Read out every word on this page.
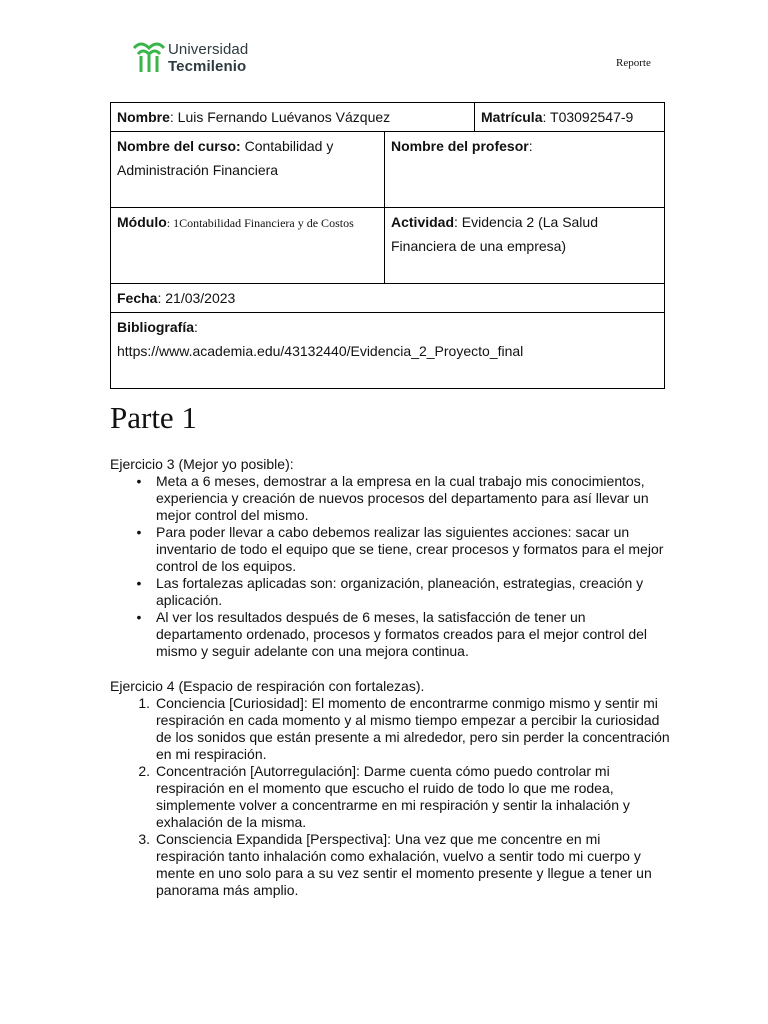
Universidad
Tecmilenio	Reporte
Nombre: Luis Fernando Luévanos Vázquez		Matrícula: T03092547-9
Nombre del curso: Contabilidad y Administración Financiera	Nombre del profesor:	
Módulo: 1Contabilidad Financiera y de Costos	Actividad: Evidencia 2 (La Salud Financiera de una empresa)	
Fecha: 21/03/2023		
Bibliografía:
https://www.academia.edu/43132440/Evidencia_2_Proyecto_final		
Parte 1

Ejercicio 3 (Mejor yo posible):

•	Meta a 6 meses, demostrar a la empresa en la cual trabajo mis conocimientos, experiencia y creación de nuevos procesos del departamento para así llevar un mejor control del mismo.
•	Para poder llevar a cabo debemos realizar las siguientes acciones: sacar un inventario de todo el equipo que se tiene, crear procesos y formatos para el mejor control de los equipos.
•	Las fortalezas aplicadas son: organización, planeación, estrategias, creación y aplicación.
•	Al ver los resultados después de 6 meses, la satisfacción de tener un departamento ordenado, procesos y formatos creados para el mejor control del mismo y seguir adelante con una mejora continua.

Ejercicio 4 (Espacio de respiración con fortalezas).

1. Conciencia [Curiosidad]: El momento de encontrarme conmigo mismo y sentir mi respiración en cada momento y al mismo tiempo empezar a percibir la curiosidad de los sonidos que están presente a mi alrededor, pero sin perder la concentración en mi respiración.
2. Concentración [Autorregulación]: Darme cuenta cómo puedo controlar mi respiración en el momento que escucho el ruido de todo lo que me rodea, simplemente volver a concentrarme en mi respiración y sentir la inhalación y exhalación de la misma.
3. Consciencia Expandida [Perspectiva]: Una vez que me concentre en mi respiración tanto inhalación como exhalación, vuelvo a sentir todo mi cuerpo y mente en uno solo para a su vez sentir el momento presente y llegue a tener un panorama más amplio.
